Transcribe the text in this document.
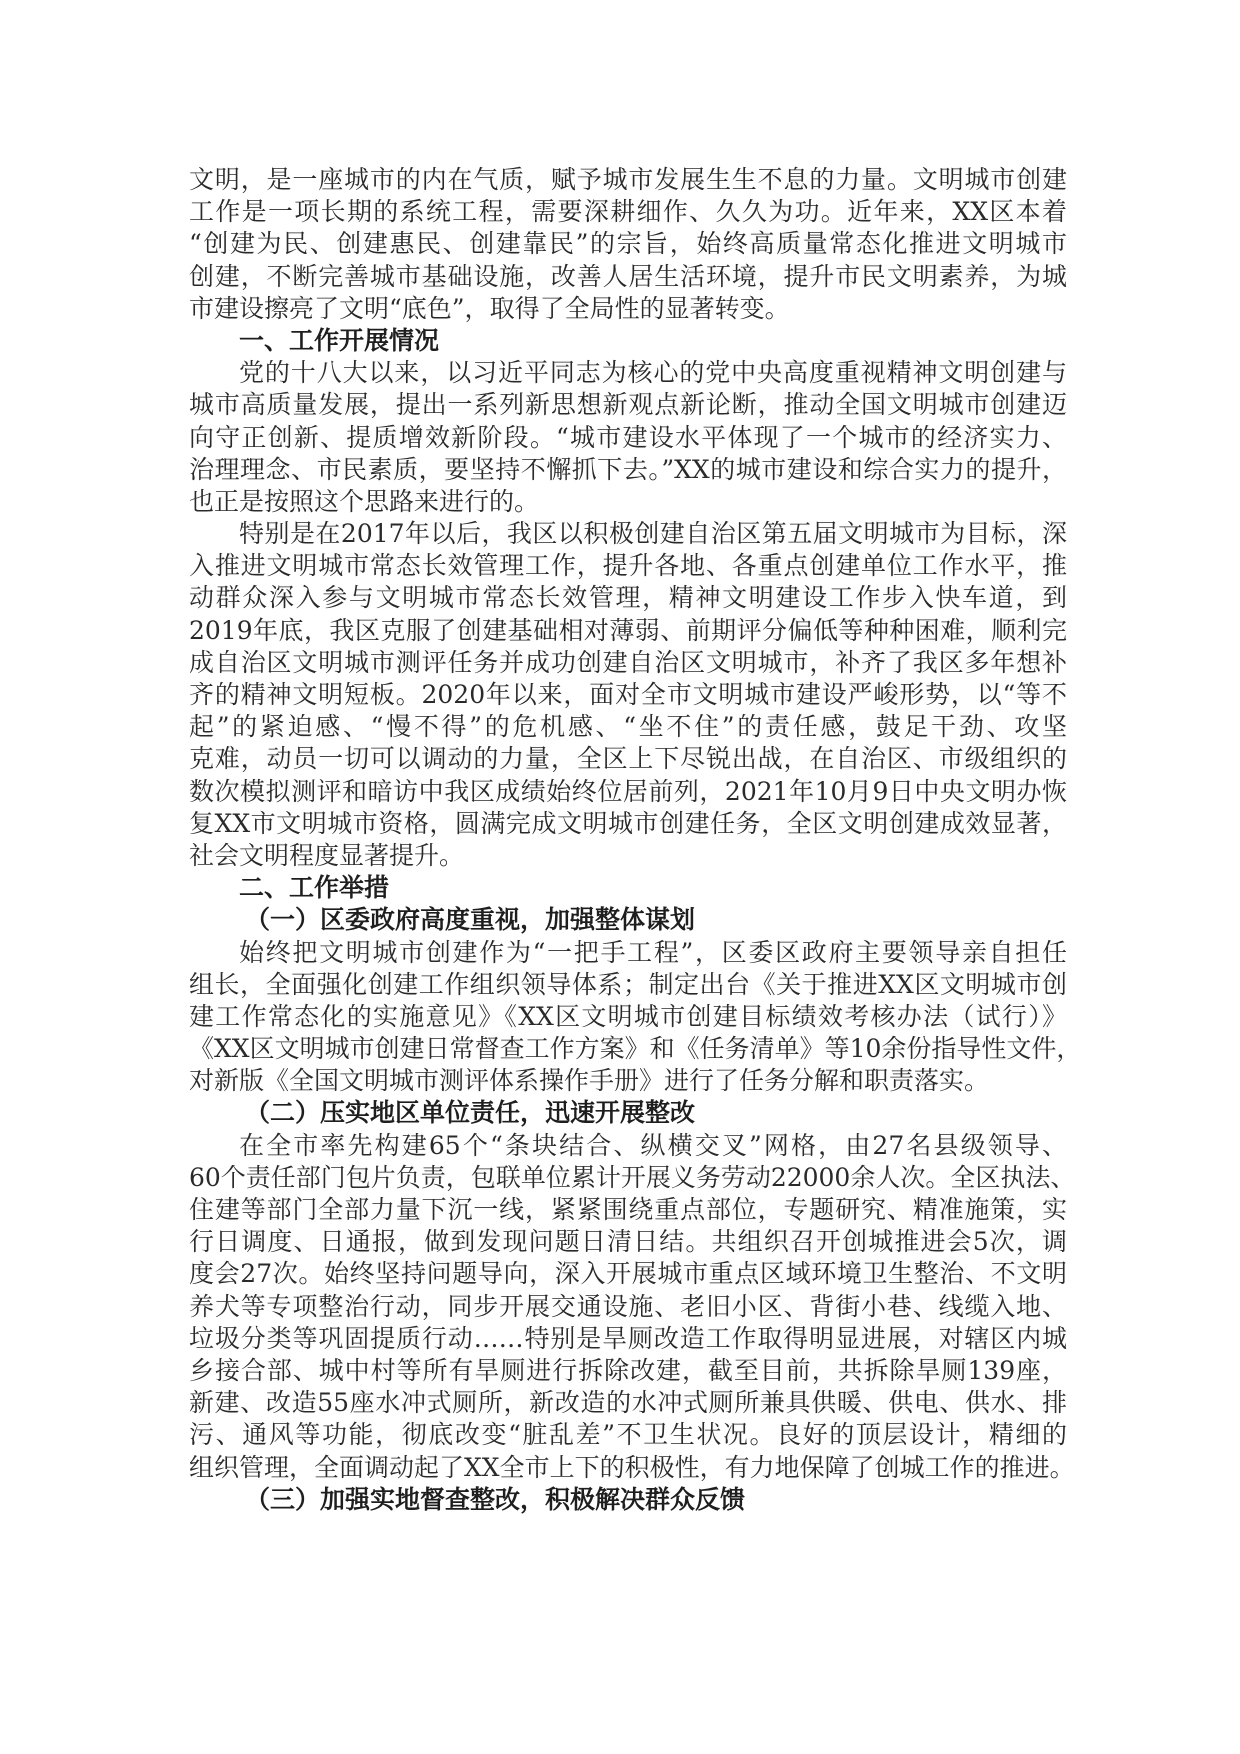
文明，是一座城市的内在气质，赋予城市发展生生不息的力量。文明城市创建
工作是一项长期的系统工程，需要深耕细作、久久为功。近年来，XX区本着
“创建为民、创建惠民、创建靠民”的宗旨，始终高质量常态化推进文明城市
创建，不断完善城市基础设施，改善人居生活环境，提升市民文明素养，为城
市建设擦亮了文明“底色”，取得了全局性的显著转变。
一、工作开展情况
党的十八大以来，以习近平同志为核心的党中央高度重视精神文明创建与
城市高质量发展，提出一系列新思想新观点新论断，推动全国文明城市创建迈
向守正创新、提质增效新阶段。“城市建设水平体现了一个城市的经济实力、
治理理念、市民素质，要坚持不懈抓下去。”XX的城市建设和综合实力的提升，
也正是按照这个思路来进行的。
特别是在2017年以后，我区以积极创建自治区第五届文明城市为目标，深
入推进文明城市常态长效管理工作，提升各地、各重点创建单位工作水平，推
动群众深入参与文明城市常态长效管理，精神文明建设工作步入快车道，到
2019年底，我区克服了创建基础相对薄弱、前期评分偏低等种种困难，顺利完
成自治区文明城市测评任务并成功创建自治区文明城市，补齐了我区多年想补
齐的精神文明短板。2020年以来，面对全市文明城市建设严峻形势，以“等不
起”的紧迫感、“慢不得”的危机感、“坐不住”的责任感，鼓足干劲、攻坚
克难，动员一切可以调动的力量，全区上下尽锐出战，在自治区、市级组织的
数次模拟测评和暗访中我区成绩始终位居前列，2021年10月9日中央文明办恢
复XX市文明城市资格，圆满完成文明城市创建任务，全区文明创建成效显著，
社会文明程度显著提升。
二、工作举措
（一）区委政府高度重视，加强整体谋划
始终把文明城市创建作为“一把手工程”，区委区政府主要领导亲自担任
组长，全面强化创建工作组织领导体系；制定出台《关于推进XX区文明城市创
建工作常态化的实施意见》《XX区文明城市创建目标绩效考核办法（试行）》
《XX区文明城市创建日常督查工作方案》和《任务清单》等10余份指导性文件，
对新版《全国文明城市测评体系操作手册》进行了任务分解和职责落实。
（二）压实地区单位责任，迅速开展整改
在全市率先构建65个“条块结合、纵横交叉”网格，由27名县级领导、
60个责任部门包片负责，包联单位累计开展义务劳动22000余人次。全区执法、
住建等部门全部力量下沉一线，紧紧围绕重点部位，专题研究、精准施策，实
行日调度、日通报，做到发现问题日清日结。共组织召开创城推进会5次，调
度会27次。始终坚持问题导向，深入开展城市重点区域环境卫生整治、不文明
养犬等专项整治行动，同步开展交通设施、老旧小区、背街小巷、线缆入地、
垃圾分类等巩固提质行动……特别是旱厕改造工作取得明显进展，对辖区内城
乡接合部、城中村等所有旱厕进行拆除改建，截至目前，共拆除旱厕139座，
新建、改造55座水冲式厕所，新改造的水冲式厕所兼具供暖、供电、供水、排
污、通风等功能，彻底改变“脏乱差”不卫生状况。良好的顶层设计，精细的
组织管理，全面调动起了XX全市上下的积极性，有力地保障了创城工作的推进。
（三）加强实地督查整改，积极解决群众反馈
